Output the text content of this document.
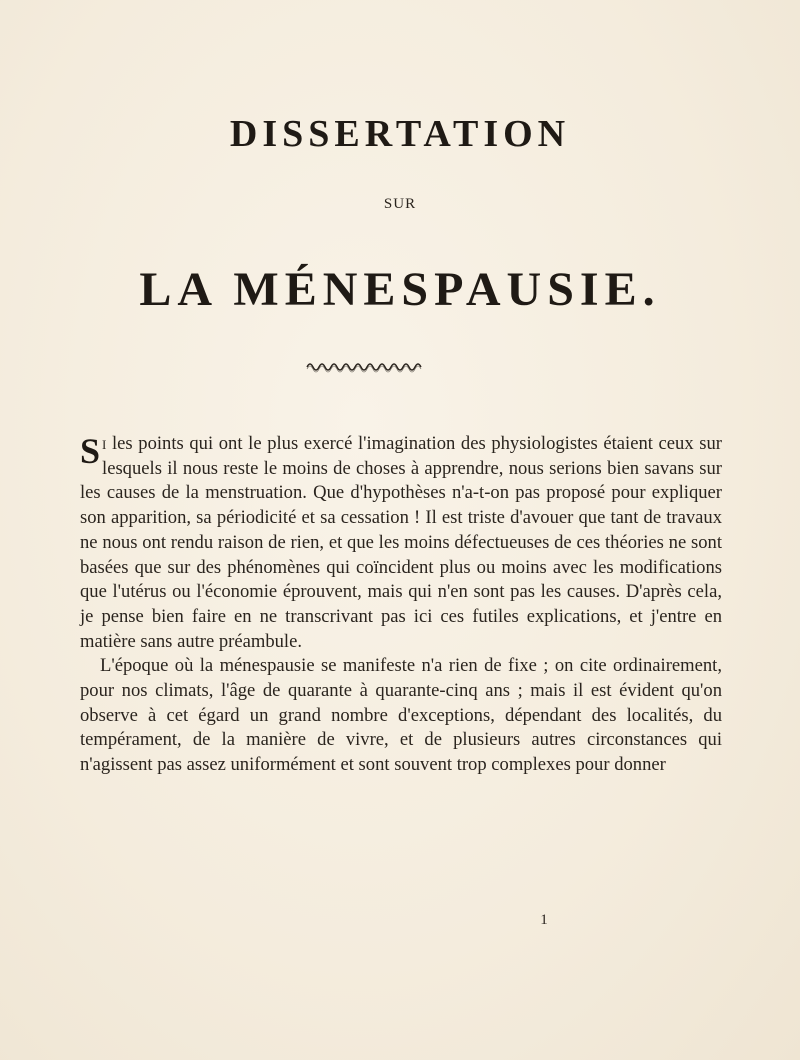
DISSERTATION
SUR
LA MÉNESPAUSIE.

Si les points qui ont le plus exercé l'imagination des physiologistes étaient ceux sur lesquels il nous reste le moins de choses à apprendre, nous serions bien savans sur les causes de la menstruation. Que d'hypothèses n'a-t-on pas proposé pour expliquer son apparition, sa périodicité et sa cessation ! Il est triste d'avouer que tant de travaux ne nous ont rendu raison de rien, et que les moins défectueuses de ces théories ne sont basées que sur des phénomènes qui coïncident plus ou moins avec les modifications que l'utérus ou l'économie éprouvent, mais qui n'en sont pas les causes. D'après cela, je pense bien faire en ne transcrivant pas ici ces futiles explications, et j'entre en matière sans autre préambule.

L'époque où la ménespausie se manifeste n'a rien de fixe ; on cite ordinairement, pour nos climats, l'âge de quarante à quarante-cinq ans ; mais il est évident qu'on observe à cet égard un grand nombre d'exceptions, dépendant des localités, du tempérament, de la manière de vivre, et de plusieurs autres circonstances qui n'agissent pas assez uniformément et sont souvent trop complexes pour donner

1
